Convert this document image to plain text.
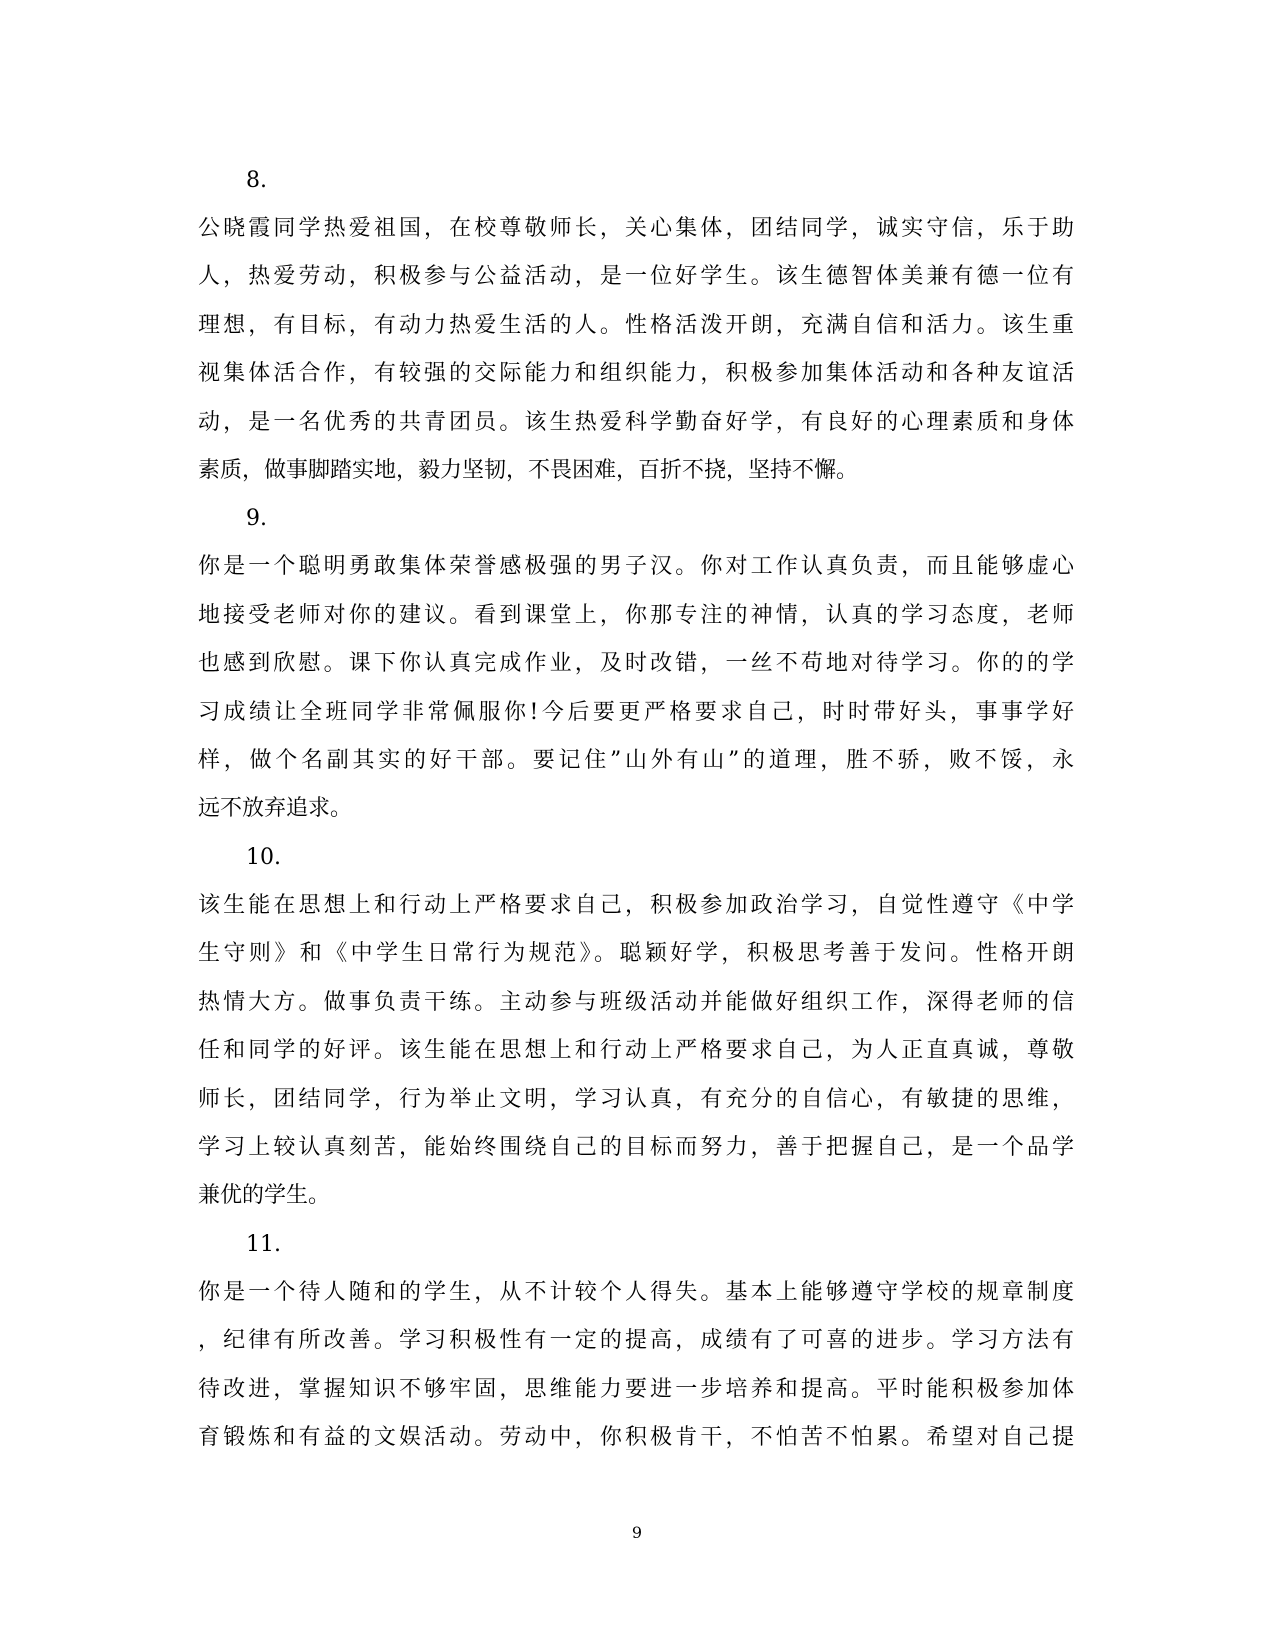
8.

公晓霞同学热爱祖国，在校尊敬师长，关心集体，团结同学，诚实守信，乐于助
人，热爱劳动，积极参与公益活动，是一位好学生。该生德智体美兼有德一位有
理想，有目标，有动力热爱生活的人。性格活泼开朗，充满自信和活力。该生重
视集体活合作，有较强的交际能力和组织能力，积极参加集体活动和各种友谊活
动，是一名优秀的共青团员。该生热爱科学勤奋好学，有良好的心理素质和身体
素质，做事脚踏实地，毅力坚韧，不畏困难，百折不挠，坚持不懈。

9.

你是一个聪明勇敢集体荣誉感极强的男子汉。你对工作认真负责，而且能够虚心
地接受老师对你的建议。看到课堂上，你那专注的神情，认真的学习态度，老师
也感到欣慰。课下你认真完成作业，及时改错，一丝不苟地对待学习。你的的学
习成绩让全班同学非常佩服你!今后要更严格要求自己，时时带好头，事事学好
样，做个名副其实的好干部。要记住”山外有山”的道理，胜不骄，败不馁，永
远不放弃追求。

10.

该生能在思想上和行动上严格要求自己，积极参加政治学习，自觉性遵守《中学
生守则》和《中学生日常行为规范》。聪颖好学，积极思考善于发问。性格开朗
热情大方。做事负责干练。主动参与班级活动并能做好组织工作，深得老师的信
任和同学的好评。该生能在思想上和行动上严格要求自己，为人正直真诚，尊敬
师长，团结同学，行为举止文明，学习认真，有充分的自信心，有敏捷的思维，
学习上较认真刻苦，能始终围绕自己的目标而努力，善于把握自己，是一个品学
兼优的学生。

11.

你是一个待人随和的学生，从不计较个人得失。基本上能够遵守学校的规章制度
，纪律有所改善。学习积极性有一定的提高，成绩有了可喜的进步。学习方法有
待改进，掌握知识不够牢固，思维能力要进一步培养和提高。平时能积极参加体
育锻炼和有益的文娱活动。劳动中，你积极肯干，不怕苦不怕累。希望对自己提

9
